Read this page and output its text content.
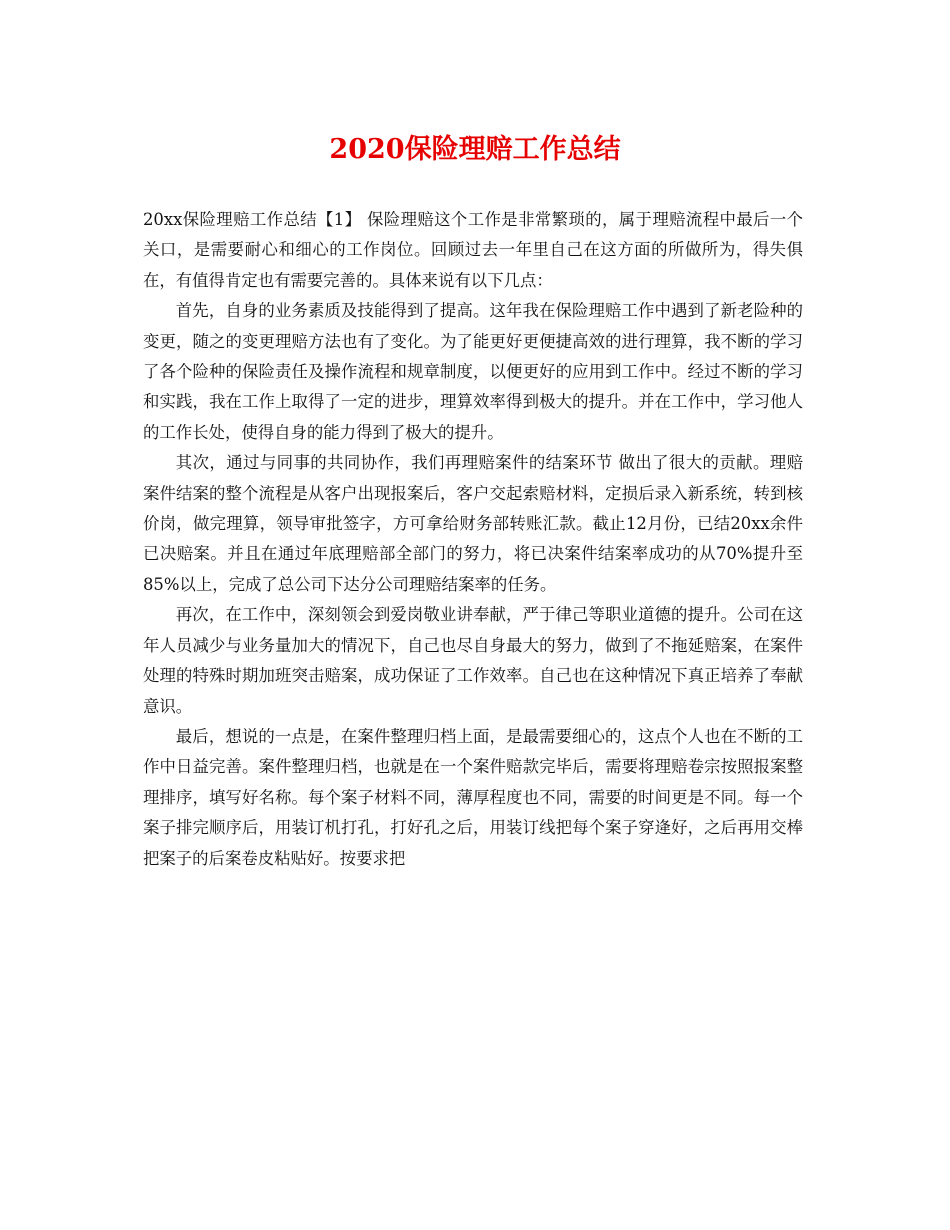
2020保险理赔工作总结

20xx保险理赔工作总结【1】 保险理赔这个工作是非常繁琐的，属于理赔流程中最后一个关口，是需要耐心和细心的工作岗位。回顾过去一年里自己在这方面的所做所为，得失俱在，有值得肯定也有需要完善的。具体来说有以下几点：

首先，自身的业务素质及技能得到了提高。这年我在保险理赔工作中遇到了新老险种的变更，随之的变更理赔方法也有了变化。为了能更好更便捷高效的进行理算，我不断的学习了各个险种的保险责任及操作流程和规章制度，以便更好的应用到工作中。经过不断的学习和实践，我在工作上取得了一定的进步，理算效率得到极大的提升。并在工作中，学习他人的工作长处，使得自身的能力得到了极大的提升。

其次，通过与同事的共同协作，我们再理赔案件的结案环节 做出了很大的贡献。理赔案件结案的整个流程是从客户出现报案后，客户交起索赔材料，定损后录入新系统，转到核价岗，做完理算，领导审批签字，方可拿给财务部转账汇款。截止12月份，已结20xx余件已决赔案。并且在通过年底理赔部全部门的努力，将已决案件结案率成功的从70%提升至85%以上，完成了总公司下达分公司理赔结案率的任务。

再次，在工作中，深刻领会到爱岗敬业讲奉献，严于律己等职业道德的提升。公司在这年人员减少与业务量加大的情况下，自己也尽自身最大的努力，做到了不拖延赔案，在案件处理的特殊时期加班突击赔案，成功保证了工作效率。自己也在这种情况下真正培养了奉献意识。

最后，想说的一点是，在案件整理归档上面，是最需要细心的，这点个人也在不断的工作中日益完善。案件整理归档，也就是在一个案件赔款完毕后，需要将理赔卷宗按照报案整理排序，填写好名称。每个案子材料不同，薄厚程度也不同，需要的时间更是不同。每一个案子排完顺序后，用装订机打孔，打好孔之后，用装订线把每个案子穿逄好，之后再用交棒把案子的后案卷皮粘贴好。按要求把
